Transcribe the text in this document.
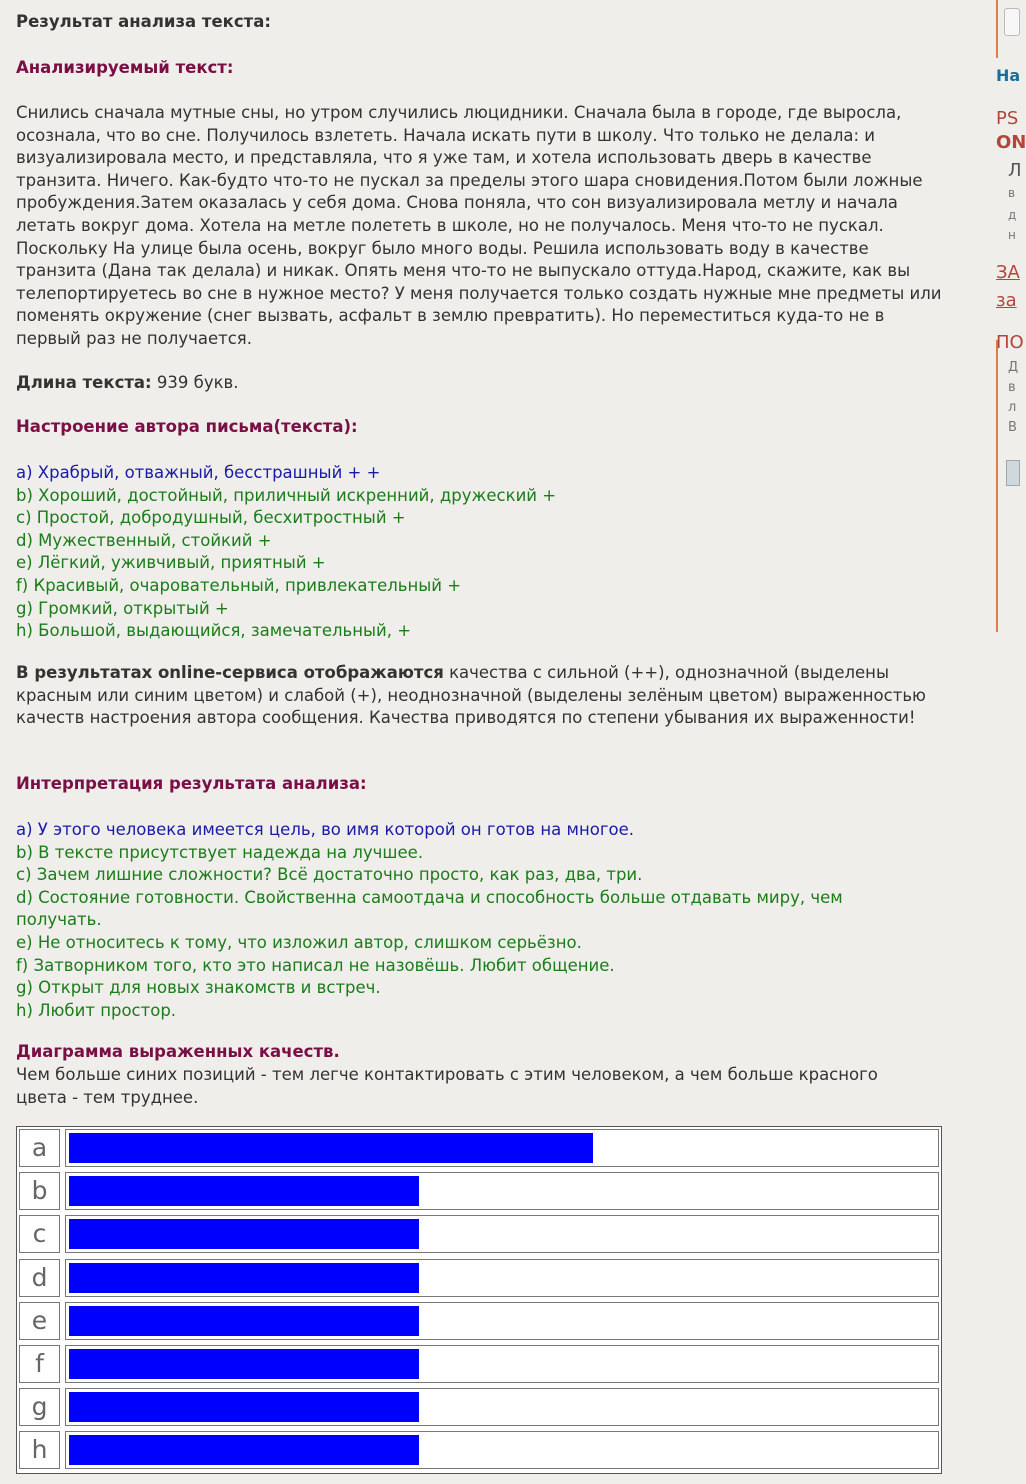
Результат анализа текста:
Анализируемый текст:

Снились сначала мутные сны, но утром случились люцидники. Сначала была в городе, где выросла, осознала, что во сне. Получилось взлететь. Начала искать пути в школу. Что только не делала: и визуализировала место, и представляла, что я уже там, и хотела использовать дверь в качестве транзита. Ничего. Как-будто что-то не пускал за пределы этого шара сновидения.Потом были ложные пробуждения.Затем оказалась у себя дома. Снова поняла, что сон визуализировала метлу и начала летать вокруг дома. Хотела на метле полететь в школе, но не получалось. Меня что-то не пускал. Поскольку На улице была осень, вокруг было много воды. Решила использовать воду в качестве транзита (Дана так делала) и никак. Опять меня что-то не выпускало оттуда.Народ, скажите, как вы телепортируетесь во сне в нужное место? У меня получается только создать нужные мне предметы или поменять окружение (снег вызвать, асфальт в землю превратить). Но переместиться куда-то не в первый раз не получается.

Длина текста: 939 букв.
Настроение автора письма(текста):
a) Храбрый, отважный, бесстрашный + +
b) Хороший, достойный, приличный искренний, дружеский +
c) Простой, добродушный, бесхитростный +
d) Мужественный, стойкий +
e) Лёгкий, уживчивый, приятный +
f) Красивый, очаровательный, привлекательный +
g) Громкий, открытый +
h) Большой, выдающийся, замечательный, +

В результатах online-сервиса отображаются качества с сильной (++), однозначной (выделены красным или синим цветом) и слабой (+), неоднозначной (выделены зелёным цветом) выраженностью качеств настроения автора сообщения. Качества приводятся по степени убывания их выраженности!

Интерпретация результата анализа:
a) У этого человека имеется цель, во имя которой он готов на многое.
b) В тексте присутствует надежда на лучшее.
c) Зачем лишние сложности? Всё достаточно просто, как раз, два, три.
d) Состояние готовности. Свойственна самоотдача и способность больше отдавать миру, чем получать.
e) Не относитесь к тому, что изложил автор, слишком серьёзно.
f) Затворником того, кто это написал не назовёшь. Любит общение.
g) Открыт для новых знакомств и встреч.
h) Любит простор.
Диаграмма выраженных качеств.

Чем больше синих позиций - тем легче контактировать с этим человеком, а чем больше красного цвета - тем труднее.

a
b
c
d
e
f
g
h
На
PS
ON
Л
в
д
н
ЗА
за
ПО
Д
в
л
В
